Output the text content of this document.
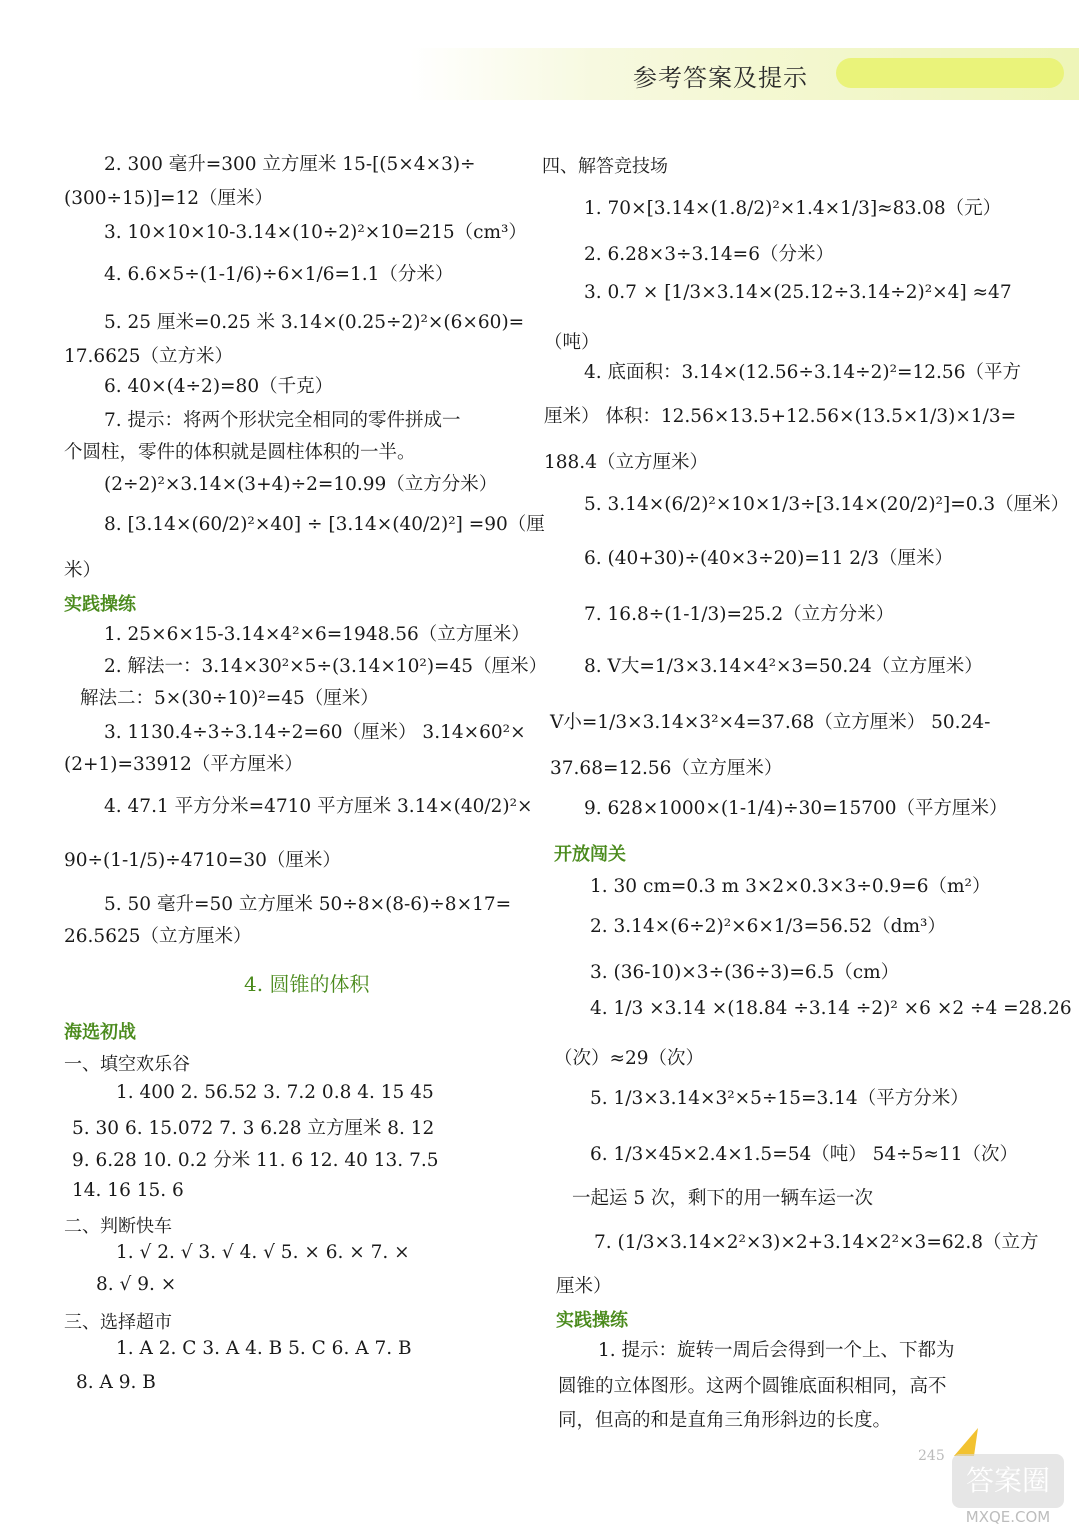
参考答案及提示
2. 300 毫升=300 立方厘米 15-[(5×4×3)÷
(300÷15)]=12（厘米）
3. 10×10×10-3.14×(10÷2)²×10=215（cm³）
4. 6.6×5÷(1-1/6)÷6×1/6=1.1（分米）
5. 25 厘米=0.25 米 3.14×(0.25÷2)²×(6×60)=
17.6625（立方米）
6. 40×(4÷2)=80（千克）
7. 提示：将两个形状完全相同的零件拼成一
个圆柱，零件的体积就是圆柱体积的一半。
(2÷2)²×3.14×(3+4)÷2=10.99（立方分米）
8. [3.14×(60/2)²×40] ÷ [3.14×(40/2)²] =90（厘
米）
实践操练
1. 25×6×15-3.14×4²×6=1948.56（立方厘米）
2. 解法一：3.14×30²×5÷(3.14×10²)=45（厘米）
解法二：5×(30÷10)²=45（厘米）
3. 1130.4÷3÷3.14÷2=60（厘米） 3.14×60²×
(2+1)=33912（平方厘米）
4. 47.1 平方分米=4710 平方厘米 3.14×(40/2)²×
90÷(1-1/5)÷4710=30（厘米）
5. 50 毫升=50 立方厘米 50÷8×(8-6)÷8×17=
26.5625（立方厘米）
4. 圆锥的体积
海选初战
一、填空欢乐谷
1. 400 2. 56.52 3. 7.2 0.8 4. 15 45
5. 30 6. 15.072 7. 3 6.28 立方厘米 8. 12
9. 6.28 10. 0.2 分米 11. 6 12. 40 13. 7.5
14. 16 15. 6
二、判断快车
1. √ 2. √ 3. √ 4. √ 5. × 6. × 7. ×
8. √ 9. ×
三、选择超市
1. A 2. C 3. A 4. B 5. C 6. A 7. B
8. A 9. B
四、解答竞技场
1. 70×[3.14×(1.8/2)²×1.4×1/3]≈83.08（元）
2. 6.28×3÷3.14=6（分米）
3. 0.7 × [1/3×3.14×(25.12÷3.14÷2)²×4] ≈47
（吨）
4. 底面积：3.14×(12.56÷3.14÷2)²=12.56（平方
厘米） 体积：12.56×13.5+12.56×(13.5×1/3)×1/3=
188.4（立方厘米）
5. 3.14×(6/2)²×10×1/3÷[3.14×(20/2)²]=0.3（厘米）
6. (40+30)÷(40×3÷20)=11 2/3（厘米）
7. 16.8÷(1-1/3)=25.2（立方分米）
8. V大=1/3×3.14×4²×3=50.24（立方厘米）
V小=1/3×3.14×3²×4=37.68（立方厘米） 50.24-
37.68=12.56（立方厘米）
9. 628×1000×(1-1/4)÷30=15700（平方厘米）
开放闯关
1. 30 cm=0.3 m 3×2×0.3×3÷0.9=6（m²）
2. 3.14×(6÷2)²×6×1/3=56.52（dm³）
3. (36-10)×3÷(36÷3)=6.5（cm）
4. 1/3 ×3.14 ×(18.84 ÷3.14 ÷2)² ×6 ×2 ÷4 =28.26
（次）≈29（次）
5. 1/3×3.14×3²×5÷15=3.14（平方分米）
6. 1/3×45×2.4×1.5=54（吨） 54÷5≈11（次）
一起运 5 次，剩下的用一辆车运一次
7. (1/3×3.14×2²×3)×2+3.14×2²×3=62.8（立方
厘米）
实践操练
1. 提示：旋转一周后会得到一个上、下都为
圆锥的立体图形。这两个圆锥底面积相同，高不
同，但高的和是直角三角形斜边的长度。
245
答案圈
MXQE.COM
